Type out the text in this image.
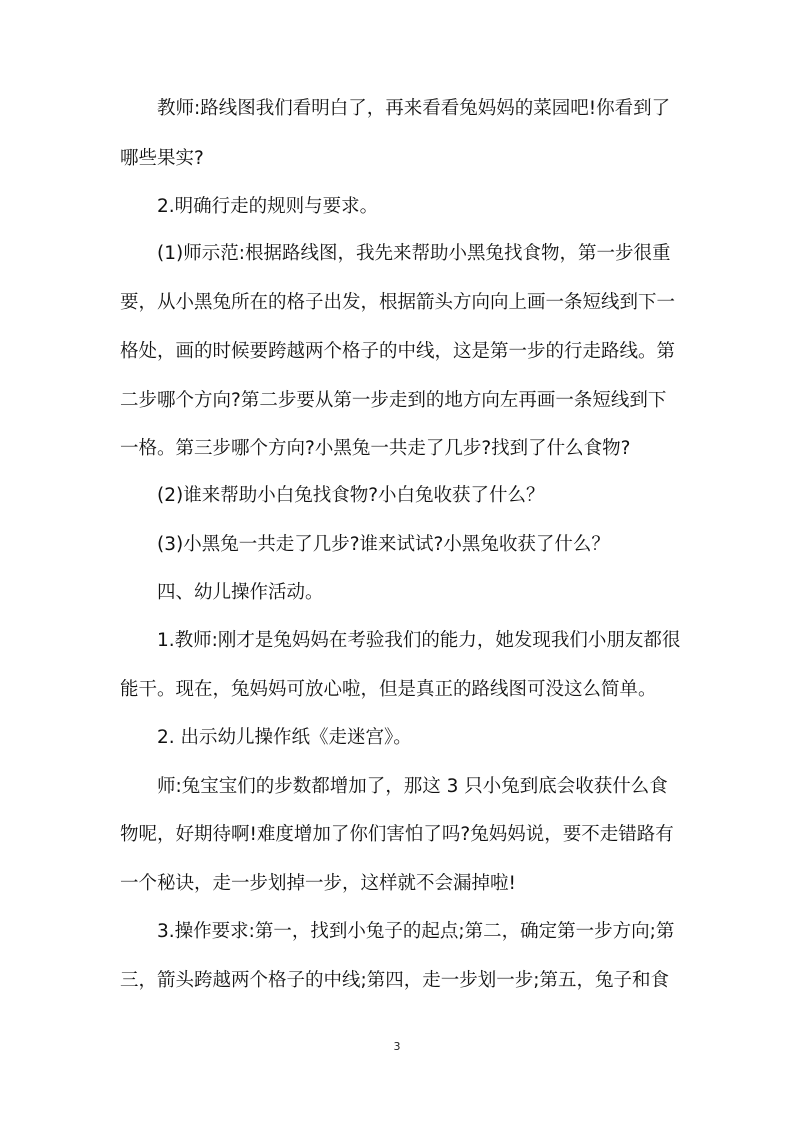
教师:路线图我们看明白了，再来看看兔妈妈的菜园吧!你看到了
哪些果实?
2.明确行走的规则与要求。
(1)师示范:根据路线图，我先来帮助小黑兔找食物，第一步很重
要，从小黑兔所在的格子出发，根据箭头方向向上画一条短线到下一
格处，画的时候要跨越两个格子的中线，这是第一步的行走路线。第
二步哪个方向?第二步要从第一步走到的地方向左再画一条短线到下
一格。第三步哪个方向?小黑兔一共走了几步?找到了什么食物?
(2)谁来帮助小白兔找食物?小白兔收获了什么？
(3)小黑兔一共走了几步?谁来试试?小黑兔收获了什么？
四、幼儿操作活动。
1.教师:刚才是兔妈妈在考验我们的能力，她发现我们小朋友都很
能干。现在，兔妈妈可放心啦，但是真正的路线图可没这么简单。
2. 出示幼儿操作纸《走迷宫》。
师:兔宝宝们的步数都增加了，那这 3 只小兔到底会收获什么食
物呢，好期待啊!难度增加了你们害怕了吗?兔妈妈说，要不走错路有
一个秘诀，走一步划掉一步，这样就不会漏掉啦!
3.操作要求:第一，找到小兔子的起点;第二，确定第一步方向;第
三，箭头跨越两个格子的中线;第四，走一步划一步;第五，兔子和食
3
